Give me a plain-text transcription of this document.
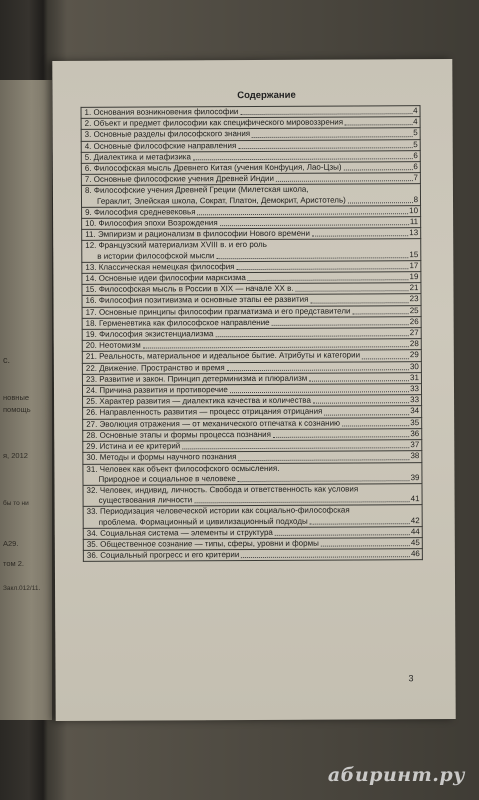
с.
новные
помощь
я, 2012
бы то ни
А29.
том 2.
Закл.012/11.
Содержание
1. Основания возникновения философии	4

2. Объект и предмет философии как специфического мировоззрения	4

3. Основные разделы философского знания	5

4. Основные философские направления	5

5. Диалектика и метафизика	6

6. Философская мысль Древнего Китая (учения Конфуция, Лао-Цзы)	6

7. Основные философские учения Древней Индии	7

8. Философские учения Древней Греции (Милетская школа,
Гераклит, Элейская школа, Сократ, Платон, Демокрит, Аристотель)	8

9. Философия средневековья	10

10. Философия эпохи Возрождения	11

11. Эмпиризм и рационализм в философии Нового времени	13

12. Французский материализм XVIII в. и его роль
в истории философской мысли	15

13. Классическая немецкая философия	17

14. Основные идеи философии марксизма	19

15. Философская мысль в России в XIX — начале XX в.	21

16. Философия позитивизма и основные этапы ее развития	23

17. Основные принципы философии прагматизма и его представители	25

18. Герменевтика как философское направление	26

19. Философия экзистенциализма	27

20. Неотомизм	28

21. Реальность, материальное и идеальное бытие. Атрибуты и категории	29

22. Движение. Пространство и время	30

23. Развитие и закон. Принцип детерминизма и плюрализм	31

24. Причина развития и противоречие	33

25. Характер развития — диалектика качества и количества	33

26. Направленность развития — процесс отрицания отрицания	34

27. Эволюция отражения — от механического отпечатка к сознанию	35

28. Основные этапы и формы процесса познания	36

29. Истина и ее критерий	37

30. Методы и формы научного познания	38

31. Человек как объект философского осмысления.
Природное и социальное в человеке	39

32. Человек, индивид, личность. Свобода и ответственность как условия
существования личности	41

33. Периодизация человеческой истории как социально-философская
проблема. Формационный и цивилизационный подходы	42

34. Социальная система — элементы и структура	44

35. Общественное сознание — типы, сферы, уровни и формы	45

36. Социальный прогресс и его критерии	46
3
абиринт.ру
